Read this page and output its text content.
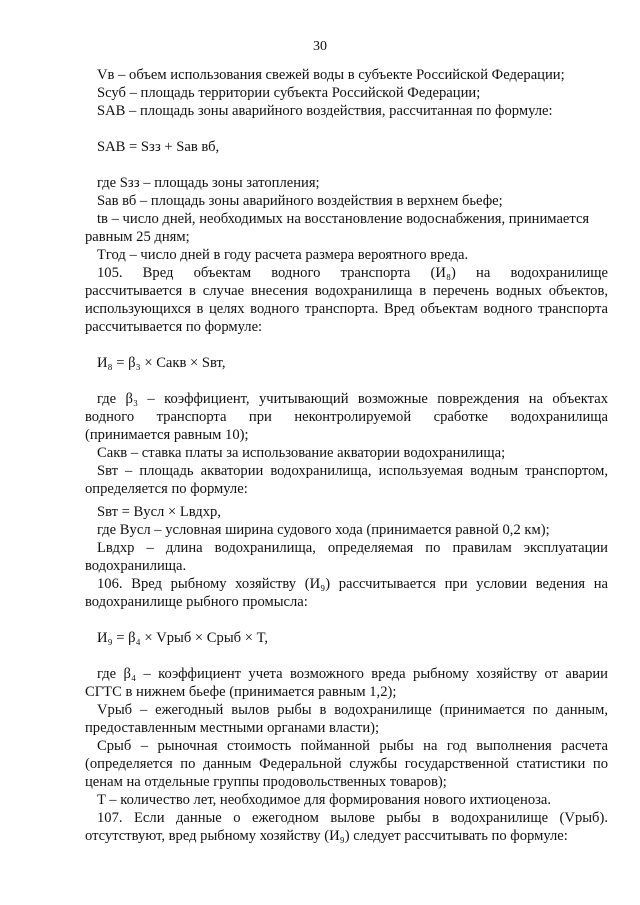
30
Vв – объем использования свежей воды в субъекте Российской Федерации;
Sсуб – площадь территории субъекта Российской Федерации;
SАВ – площадь зоны аварийного воздействия, рассчитанная по формуле:
SАВ = Sзз + Sав вб,
где Sзз – площадь зоны затопления;
Sав вб – площадь зоны аварийного воздействия в верхнем бьефе;
tв – число дней, необходимых на восстановление водоснабжения, принимается
равным 25 дням;
Tгод – число дней в году расчета размера вероятного вреда.
105. Вред объектам водного транспорта (И₈) на водохранилище
рассчитывается в случае внесения водохранилища в перечень водных объектов,
использующихся в целях водного транспорта. Вред объектам водного транспорта
рассчитывается по формуле:
И₈ = β₃ × Cакв × Sвт,
где β₃ – коэффициент, учитывающий возможные повреждения на объектах
водного транспорта при неконтролируемой сработке водохранилища
(принимается равным 10);
Cакв – ставка платы за использование акватории водохранилища;
Sвт – площадь акватории водохранилища, используемая водным транспортом,
определяется по формуле:
Sвт = Bусл × Lвдхр,
где Bусл – условная ширина судового хода (принимается равной 0,2 км);
Lвдхр – длина водохранилища, определяемая по правилам эксплуатации
водохранилища.
106. Вред рыбному хозяйству (И₉) рассчитывается при условии ведения на
водохранилище рыбного промысла:
И₉ = β₄ × Vрыб × Cрыб × T,
где β₄ – коэффициент учета возможного вреда рыбному хозяйству от аварии
СГТС в нижнем бьефе (принимается равным 1,2);
Vрыб – ежегодный вылов рыбы в водохранилище (принимается по данным,
предоставленным местными органами власти);
Cрыб – рыночная стоимость пойманной рыбы на год выполнения расчета
(определяется по данным Федеральной службы государственной статистики по
ценам на отдельные группы продовольственных товаров);
T – количество лет, необходимое для формирования нового ихтиоценоза.
107. Если данные о ежегодном вылове рыбы в водохранилище (Vрыб).
отсутствуют, вред рыбному хозяйству (И₉) следует рассчитывать по формуле:
